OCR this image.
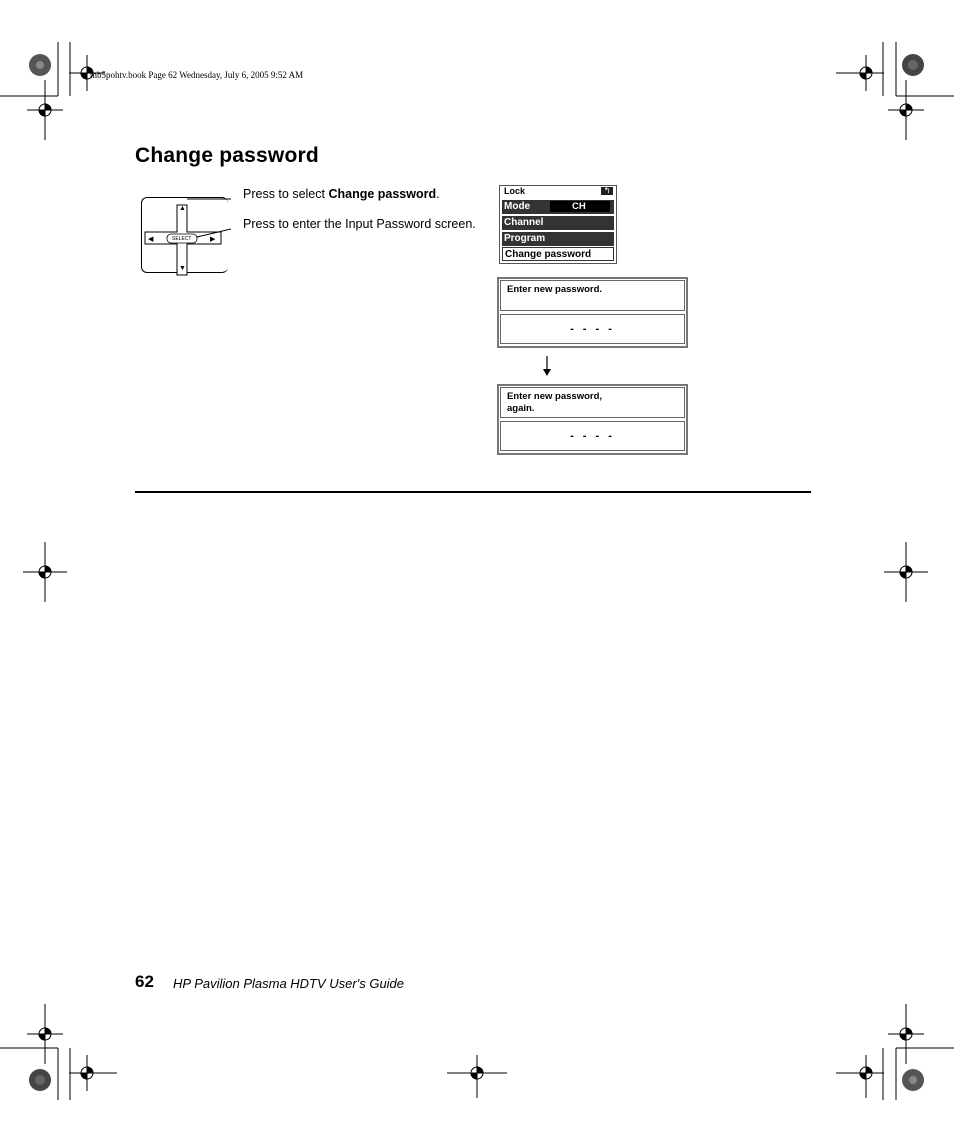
mb5pohtv.book Page 62 Wednesday, July 6, 2005 9:52 AM
Change password
SELECT
▲
▼
◀	▶
Press to select Change password.
Press to enter the Input Password screen.
Lock	↰
Mode	CH
Channel
Program
Change password
Enter new password.
- - - -
Enter new password,
again.
- - - -
62 HP Pavilion Plasma HDTV User's Guide
